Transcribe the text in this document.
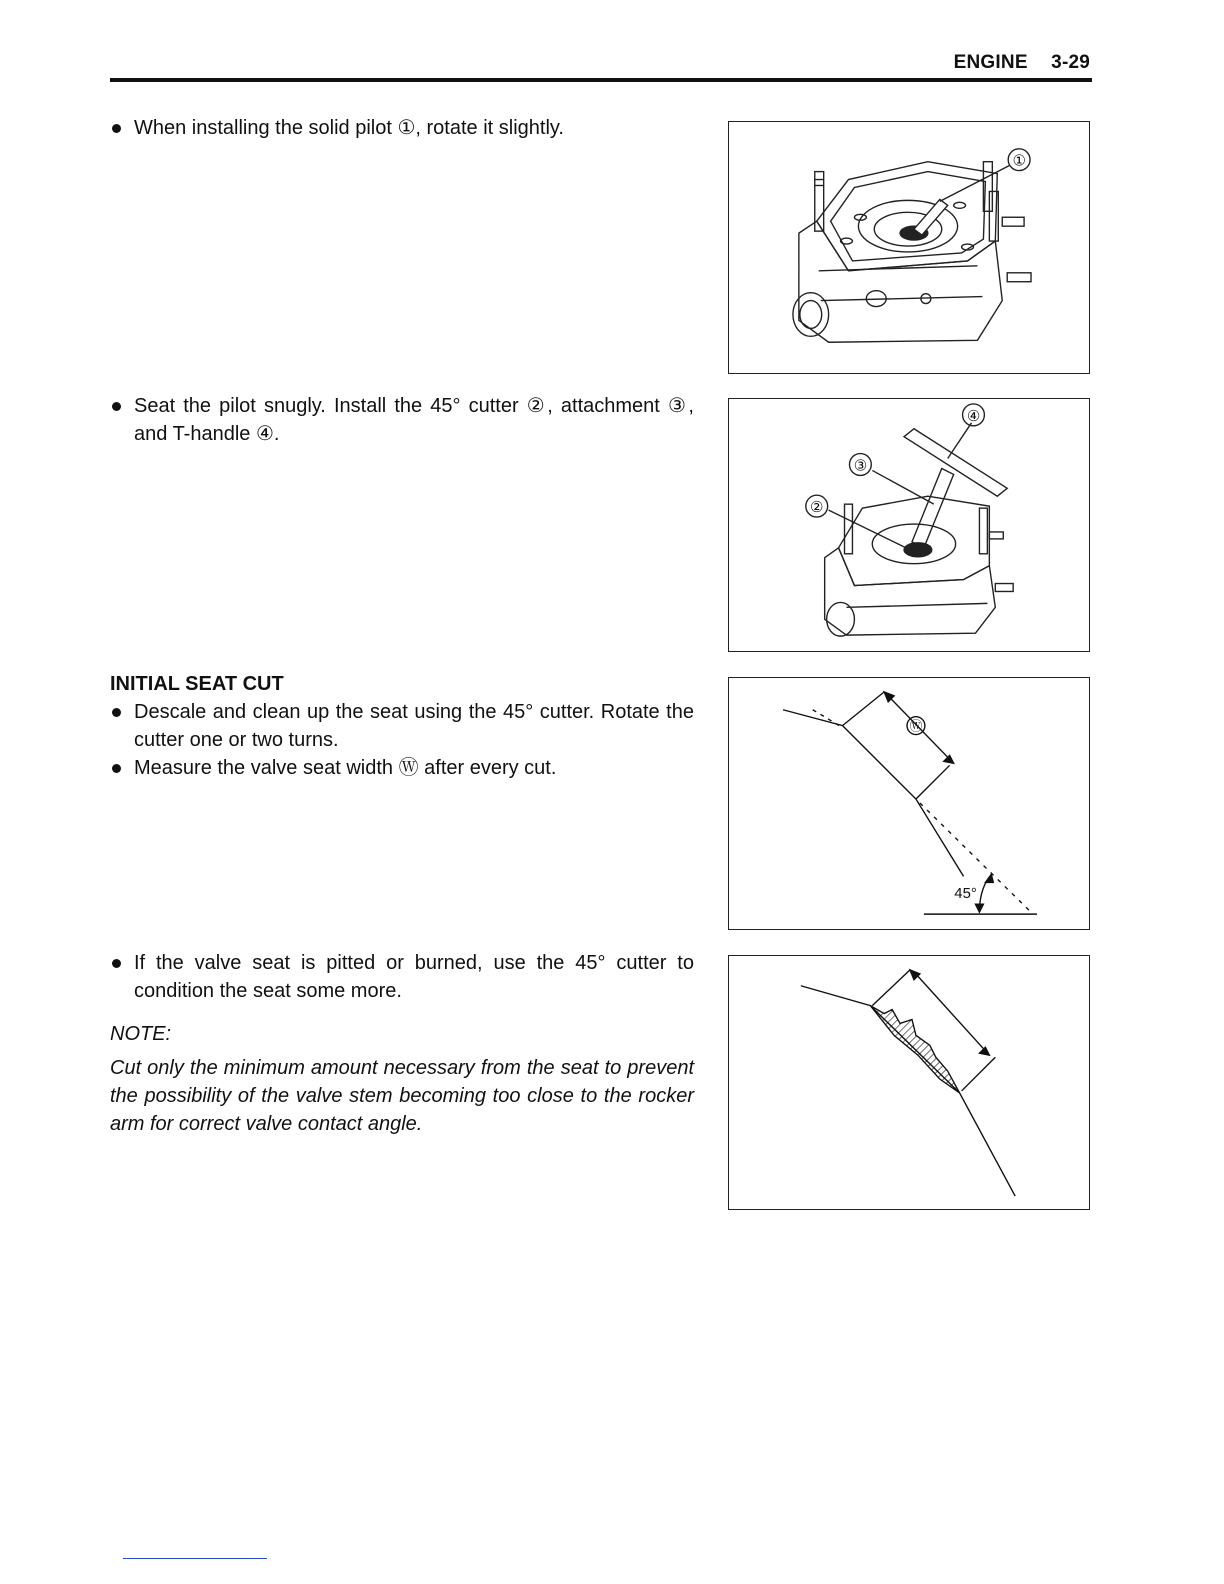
ENGINE 3-29
When installing the solid pilot ①, rotate it slightly.
①
Seat the pilot snugly. Install the 45° cutter ②, attachment ③, and T-handle ④.
④
③
②
INITIAL SEAT CUT
Descale and clean up the seat using the 45° cutter. Rotate the cutter one or two turns.
Measure the valve seat width Ⓦ after every cut.
Ⓦ
45°
If the valve seat is pitted or burned, use the 45° cutter to condition the seat some more.
NOTE:
Cut only the minimum amount necessary from the seat to prevent the possibility of the valve stem becoming too close to the rocker arm for correct valve contact angle.
